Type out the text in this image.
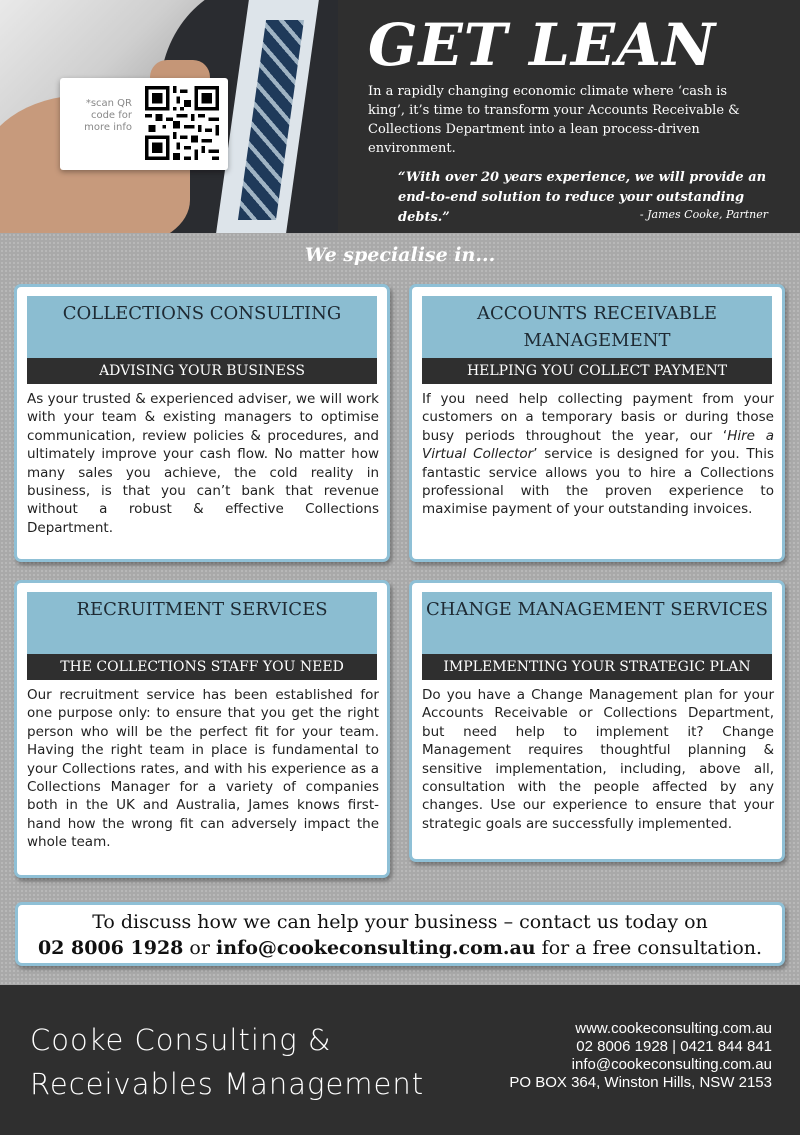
*scan QR code for more info
GET LEAN
In a rapidly changing economic climate where ‘cash is king’, it’s time to transform your Accounts Receivable & Collections Department into a lean process-driven environment.
“With over 20 years experience, we will provide an end-to-end solution to reduce your outstanding debts.”	- James Cooke, Partner
We specialise in...
COLLECTIONS CONSULTING
ADVISING YOUR BUSINESS
As your trusted & experienced adviser, we will work with your team & existing managers to optimise communication, review policies & procedures, and ultimately improve your cash flow. No matter how many sales you achieve, the cold reality in business, is that you can’t bank that revenue without a robust & effective Collections Department.
ACCOUNTS RECEIVABLE MANAGEMENT
HELPING YOU COLLECT PAYMENT
If you need help collecting payment from your customers on a temporary basis or during those busy periods throughout the year, our ‘Hire a Virtual Collector’ service is designed for you. This fantastic service allows you to hire a Collections professional with the proven experience to maximise payment of your outstanding invoices.
RECRUITMENT SERVICES
THE COLLECTIONS STAFF YOU NEED
Our recruitment service has been established for one purpose only: to ensure that you get the right person who will be the perfect fit for your team. Having the right team in place is fundamental to your Collections rates, and with his experience as a Collections Manager for a variety of companies both in the UK and Australia, James knows first-hand how the wrong fit can adversely impact the whole team.
CHANGE MANAGEMENT SERVICES
IMPLEMENTING YOUR STRATEGIC PLAN
Do you have a Change Management plan for your Accounts Receivable or Collections Department, but need help to implement it? Change Management requires thoughtful planning & sensitive implementation, including, above all, consultation with the people affected by any changes. Use our experience to ensure that your strategic goals are successfully implemented.
To discuss how we can help your business – contact us today on
02 8006 1928 or info@cookeconsulting.com.au for a free consultation.
Cooke Consulting &
Receivables Management
www.cookeconsulting.com.au
02 8006 1928 | 0421 844 841
info@cookeconsulting.com.au
PO BOX 364, Winston Hills, NSW 2153
